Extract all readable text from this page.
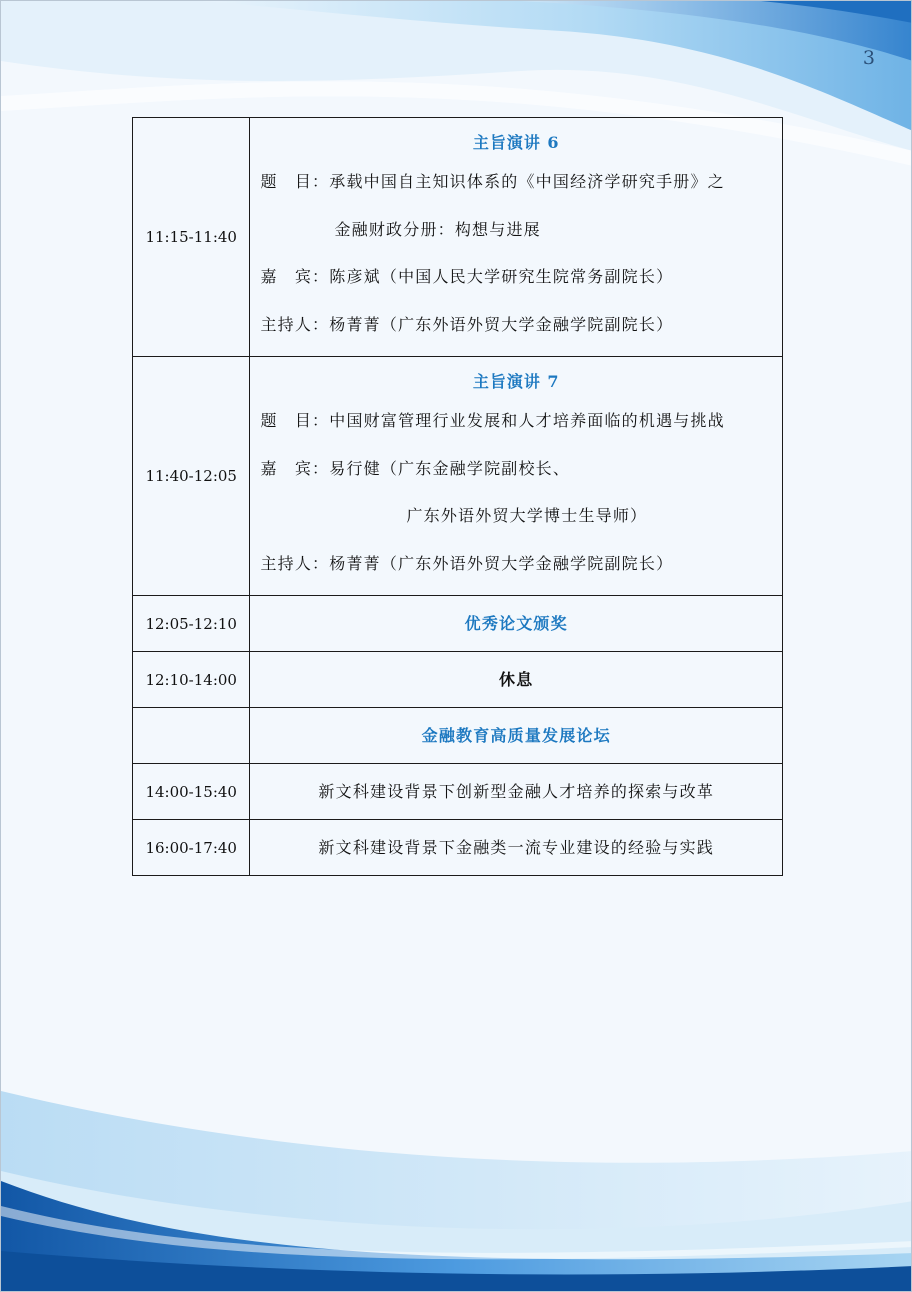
3
11:15-11:40	主旨演讲 6
题　目：承载中国自主知识体系的《中国经济学研究手册》之
金融财政分册：构想与进展
嘉　宾：陈彦斌（中国人民大学研究生院常务副院长）
主持人：杨菁菁（广东外语外贸大学金融学院副院长）

11:40-12:05	主旨演讲 7
题　目：中国财富管理行业发展和人才培养面临的机遇与挑战
嘉　宾：易行健（广东金融学院副校长、
广东外语外贸大学博士生导师）
主持人：杨菁菁（广东外语外贸大学金融学院副院长）

12:05-12:10	优秀论文颁奖

12:10-14:00	休息

	金融教育高质量发展论坛

14:00-15:40	新文科建设背景下创新型金融人才培养的探索与改革

16:00-17:40	新文科建设背景下金融类一流专业建设的经验与实践
